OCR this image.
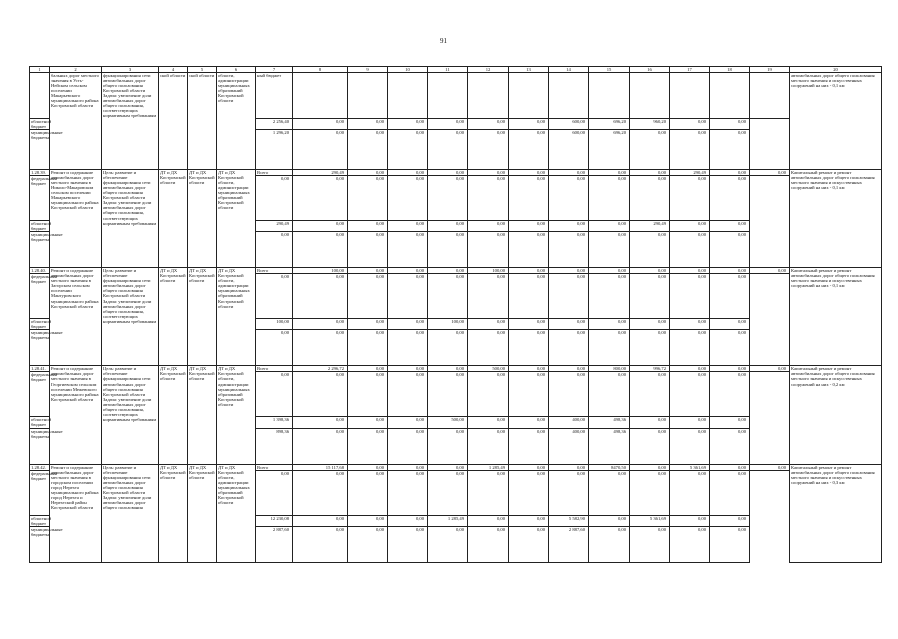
91
1	2	3	4	5	6	7	8	9	10	11	12	13	14	15	16	17	18	19	20
	бальных дорог местного значения в Усть-Нейском сельском поселении Макарьевского муниципального района Костромской области	функционирования сети автомобильных дорог общего пользования Костромской области Задача: увеличение доли автомобильных дорог общего пользования, соответствующих нормативным требованиям	ской области	ской области	области, администрации муниципальных образований Костромской области	ный бюджет													автомобильных дорог общего пользования местного значения и искусственных сооружений на них - 0,1 км
областной бюджет						2 256,40	0,00	0,00	0,00	0,00	0,00	0,00	600,00	696,20	960,20	0,00	0,00		
муниципальные бюджеты						1 296,20	0,00	0,00	0,00	0,00	0,00	0,00	600,00	696,20	0,00	0,00	0,00		
1.28.39.	Ремонт и содержание автомобильных дорог местного значения в Николо-Макаровском сельском поселении Макарьевского муниципального района Костромской области	Цель: развитие и обеспечение функционирования сети автомобильных дорог общего пользования Костромской области Задача: увеличение доли автомобильных дорог общего пользования, соответствующих нормативным требованиям	ДТ и ДХ Костромской области	ДТ и ДХ Костромской области	ДТ и ДХ Костромской области, администрации муниципальных образований Костромской области	Всего	290,49	0,00	0,00	0,00	0,00	0,00	0,00	0,00	0,00	290,49	0,00	0,00	Капитальный ремонт и ремонт автомобильных дорог общего пользования местного значения и искусственных сооружений на них - 0,1 км
федеральный бюджет						0,00	0,00	0,00	0,00	0,00	0,00	0,00	0,00	0,00	0,00	0,00	0,00		
областной бюджет						290,49	0,00	0,00	0,00	0,00	0,00	0,00	0,00	0,00	290,49	0,00	0,00		
муниципальные бюджеты						0,00	0,00	0,00	0,00	0,00	0,00	0,00	0,00	0,00	0,00	0,00	0,00		
1.28.40.	Ремонт и содержание автомобильных дорог местного значения в Загорском сельском поселении Мантуровского муниципального района Костромской области	Цель: развитие и обеспечение функционирования сети автомобильных дорог общего пользования Костромской области Задача: увеличение доли автомобильных дорог общего пользования, соответствующих нормативным требованиям	ДТ и ДХ Костромской области	ДТ и ДХ Костромской области	ДТ и ДХ Костромской области, администрации муниципальных образований Костромской области	Всего	100,00	0,00	0,00	0,00	100,00	0,00	0,00	0,00	0,00	0,00	0,00	0,00	Капитальный ремонт и ремонт автомобильных дорог общего пользования местного значения и искусственных сооружений на них - 0,1 км
федеральный бюджет						0,00	0,00	0,00	0,00	0,00	0,00	0,00	0,00	0,00	0,00	0,00	0,00		
областной бюджет						100,00	0,00	0,00	0,00	100,00	0,00	0,00	0,00	0,00	0,00	0,00	0,00		
муниципальные бюджеты						0,00	0,00	0,00	0,00	0,00	0,00	0,00	0,00	0,00	0,00	0,00	0,00		
1.28.41.	Ремонт и содержание автомобильных дорог местного значения в Георгиевском сельском поселении Межевского муниципального района Костромской области	Цель: развитие и обеспечение функционирования сети автомобильных дорог общего пользования Костромской области Задача: увеличение доли автомобильных дорог общего пользования, соответствующих нормативным требованиям	ДТ и ДХ Костромской области	ДТ и ДХ Костромской области	ДТ и ДХ Костромской области, администрации муниципальных образований Костромской области	Всего	2 296,72	0,00	0,00	0,00	500,00	0,00	0,00	800,00	996,72	0,00	0,00	0,00	Капитальный ремонт и ремонт автомобильных дорог общего пользования местного значения и искусственных сооружений на них - 0,2 км
федеральный бюджет						0,00	0,00	0,00	0,00	0,00	0,00	0,00	0,00	0,00	0,00	0,00	0,00		
областной бюджет						1 398,36	0,00	0,00	0,00	500,00	0,00	0,00	400,00	498,36	0,00	0,00	0,00		
муниципальные бюджеты						898,36	0,00	0,00	0,00	0,00	0,00	0,00	400,00	498,36	0,00	0,00	0,00		
1.28.42.	Ремонт и содержание автомобильных дорог местного значения в городском поселении город Нерехта муниципального района город Нерехта и Нерехтский район Костромской области	Цель: развитие и обеспечение функционирования сети автомобильных дорог общего пользования Костромской области Задача: увеличение доли автомобильных дорог общего пользования	ДТ и ДХ Костромской области	ДТ и ДХ Костромской области	ДТ и ДХ Костромской области, администрации муниципальных образований Костромской области	Всего	15 117,68	0,00	0,00	0,00	1 285,49	0,00	0,00	8470,50	0,00	5 361,69	0,00	0,00	Капитальный ремонт и ремонт автомобильных дорог общего пользования местного значения и искусственных сооружений на них - 0,3 км
федеральный бюджет						0,00	0,00	0,00	0,00	0,00	0,00	0,00	0,00	0,00	0,00	0,00	0,00		
областной бюджет						12 230,08	0,00	0,00	0,00	1 285,49	0,00	0,00	5 582,90	0,00	5 361,69	0,00	0,00		
муниципальные бюджеты						2 887,60	0,00	0,00	0,00	0,00	0,00	0,00	2 887,60	0,00	0,00	0,00	0,00		
